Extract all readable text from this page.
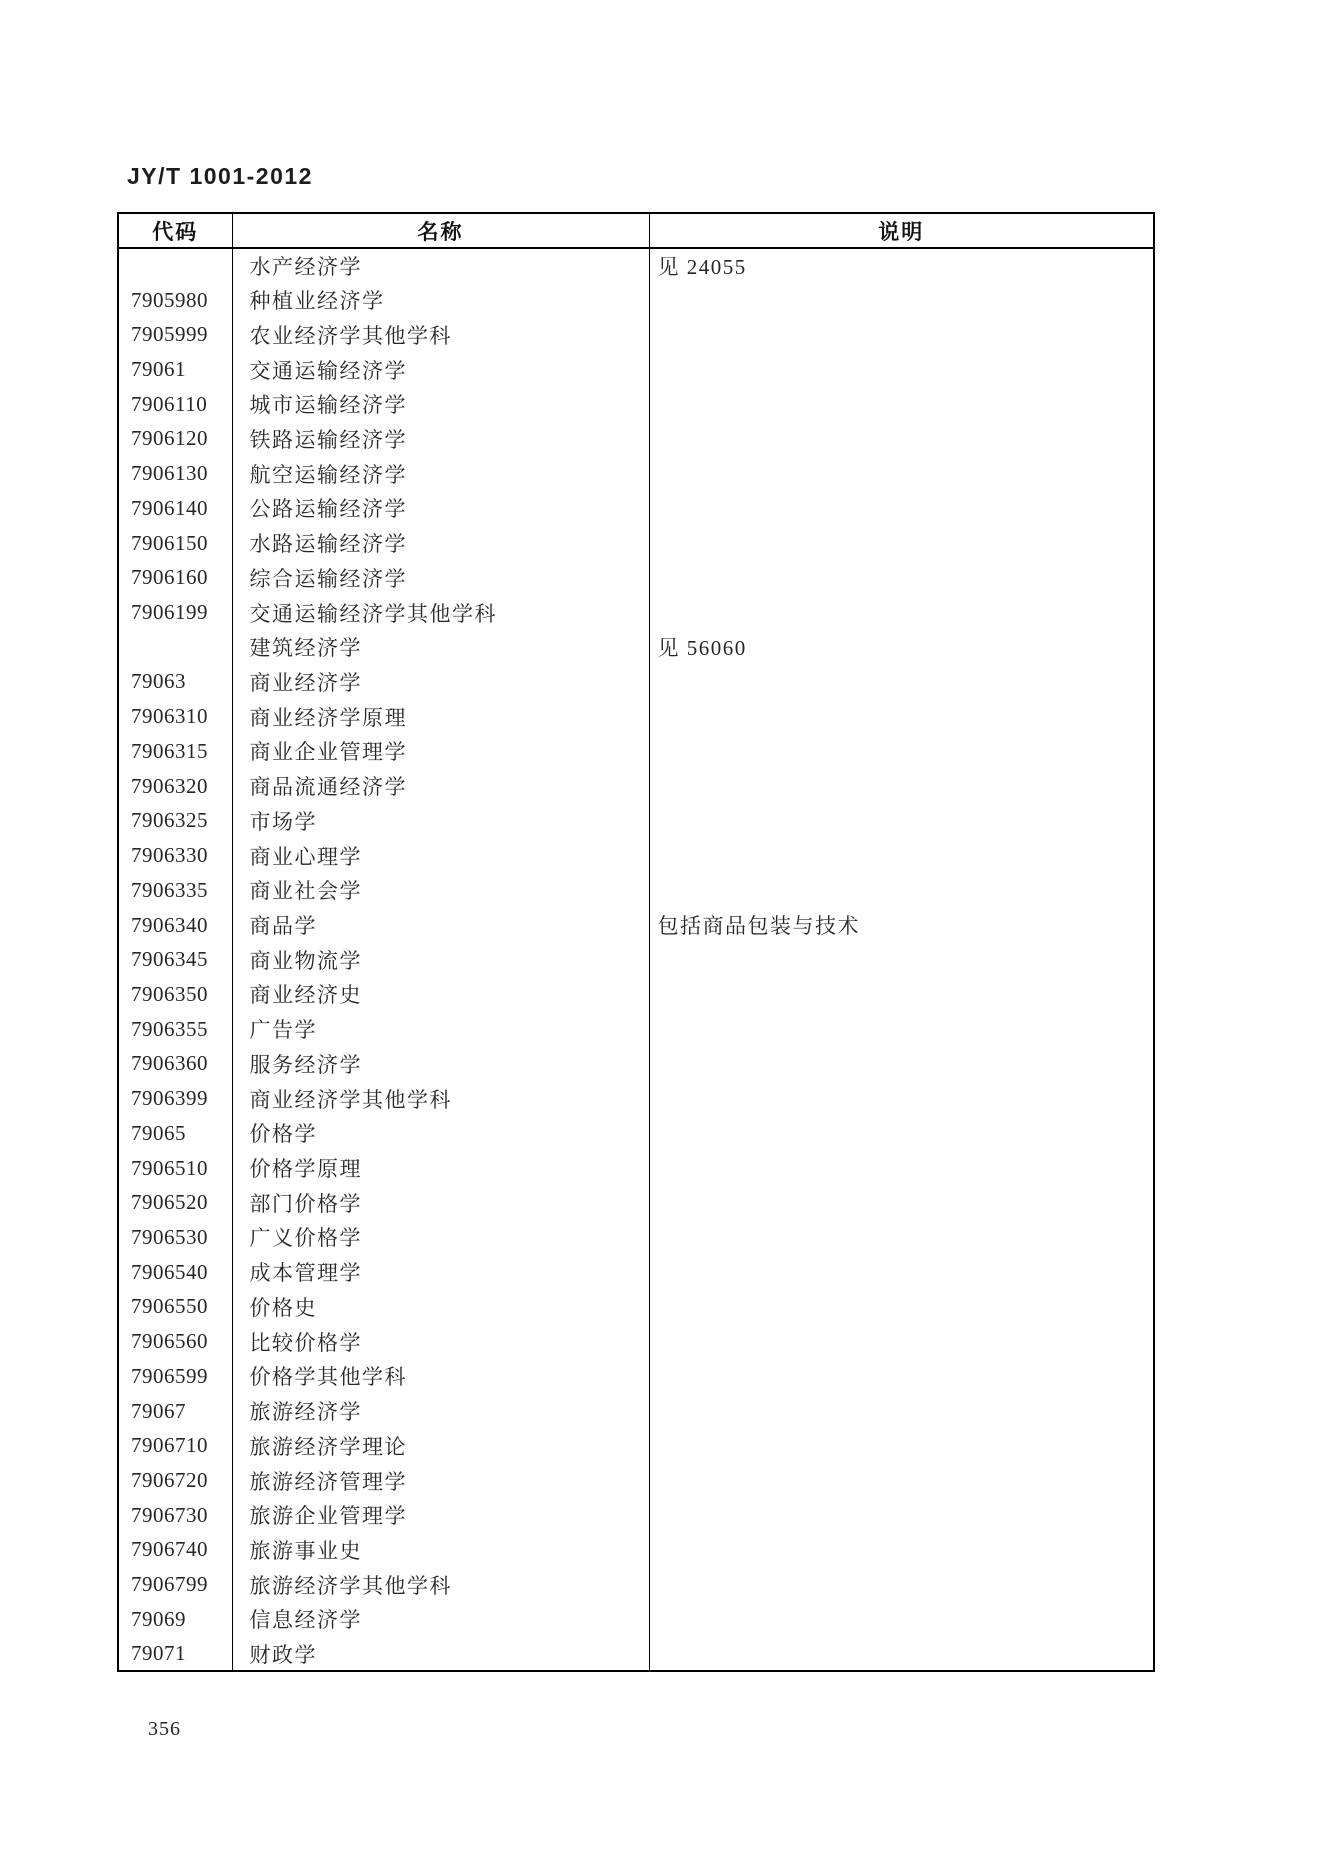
JY/T 1001-2012
代码	名称	说明
	水产经济学	见 24055
7905980	种植业经济学	
7905999	农业经济学其他学科	
79061	交通运输经济学	
7906110	城市运输经济学	
7906120	铁路运输经济学	
7906130	航空运输经济学	
7906140	公路运输经济学	
7906150	水路运输经济学	
7906160	综合运输经济学	
7906199	交通运输经济学其他学科	
	建筑经济学	见 56060
79063	商业经济学	
7906310	商业经济学原理	
7906315	商业企业管理学	
7906320	商品流通经济学	
7906325	市场学	
7906330	商业心理学	
7906335	商业社会学	
7906340	商品学	包括商品包装与技术
7906345	商业物流学	
7906350	商业经济史	
7906355	广告学	
7906360	服务经济学	
7906399	商业经济学其他学科	
79065	价格学	
7906510	价格学原理	
7906520	部门价格学	
7906530	广义价格学	
7906540	成本管理学	
7906550	价格史	
7906560	比较价格学	
7906599	价格学其他学科	
79067	旅游经济学	
7906710	旅游经济学理论	
7906720	旅游经济管理学	
7906730	旅游企业管理学	
7906740	旅游事业史	
7906799	旅游经济学其他学科	
79069	信息经济学	
79071	财政学	
356
